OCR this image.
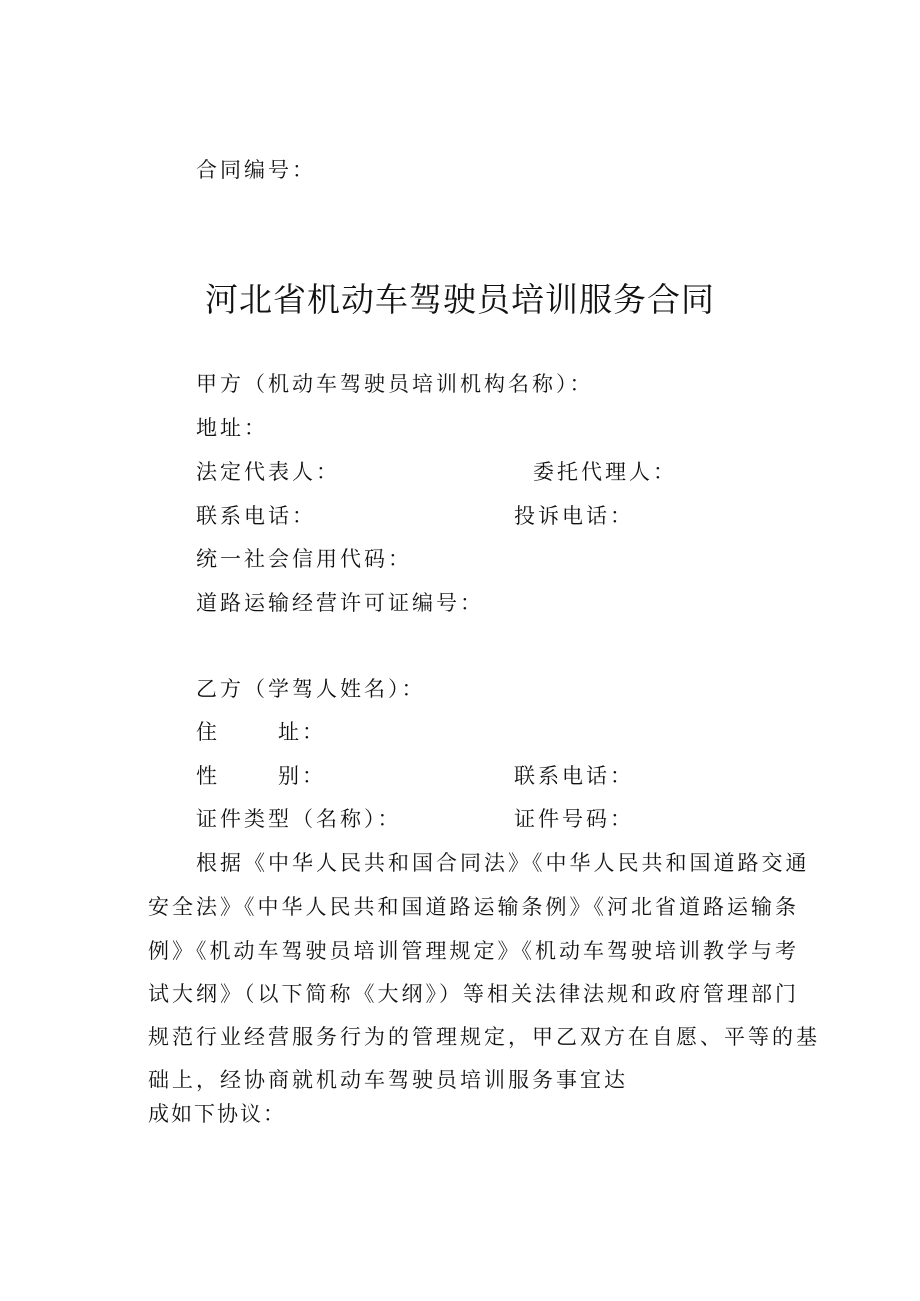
合同编号：
河北省机动车驾驶员培训服务合同
甲方（机动车驾驶员培训机构名称）：
地址：
法定代表人：	委托代理人：
联系电话：	投诉电话：
统一社会信用代码：
道路运输经营许可证编号：
乙方（学驾人姓名）：
住	址：
性	别：	联系电话：
证件类型（名称）：	证件号码：
根据《中华人民共和国合同法》《中华人民共和国道路交通
安全法》《中华人民共和国道路运输条例》《河北省道路运输条
例》《机动车驾驶员培训管理规定》《机动车驾驶培训教学与考
试大纲》（以下简称《大纲》）等相关法律法规和政府管理部门
规范行业经营服务行为的管理规定，甲乙双方在自愿、平等的基
础上，经协商就机动车驾驶员培训服务事宜达
成如下协议：
